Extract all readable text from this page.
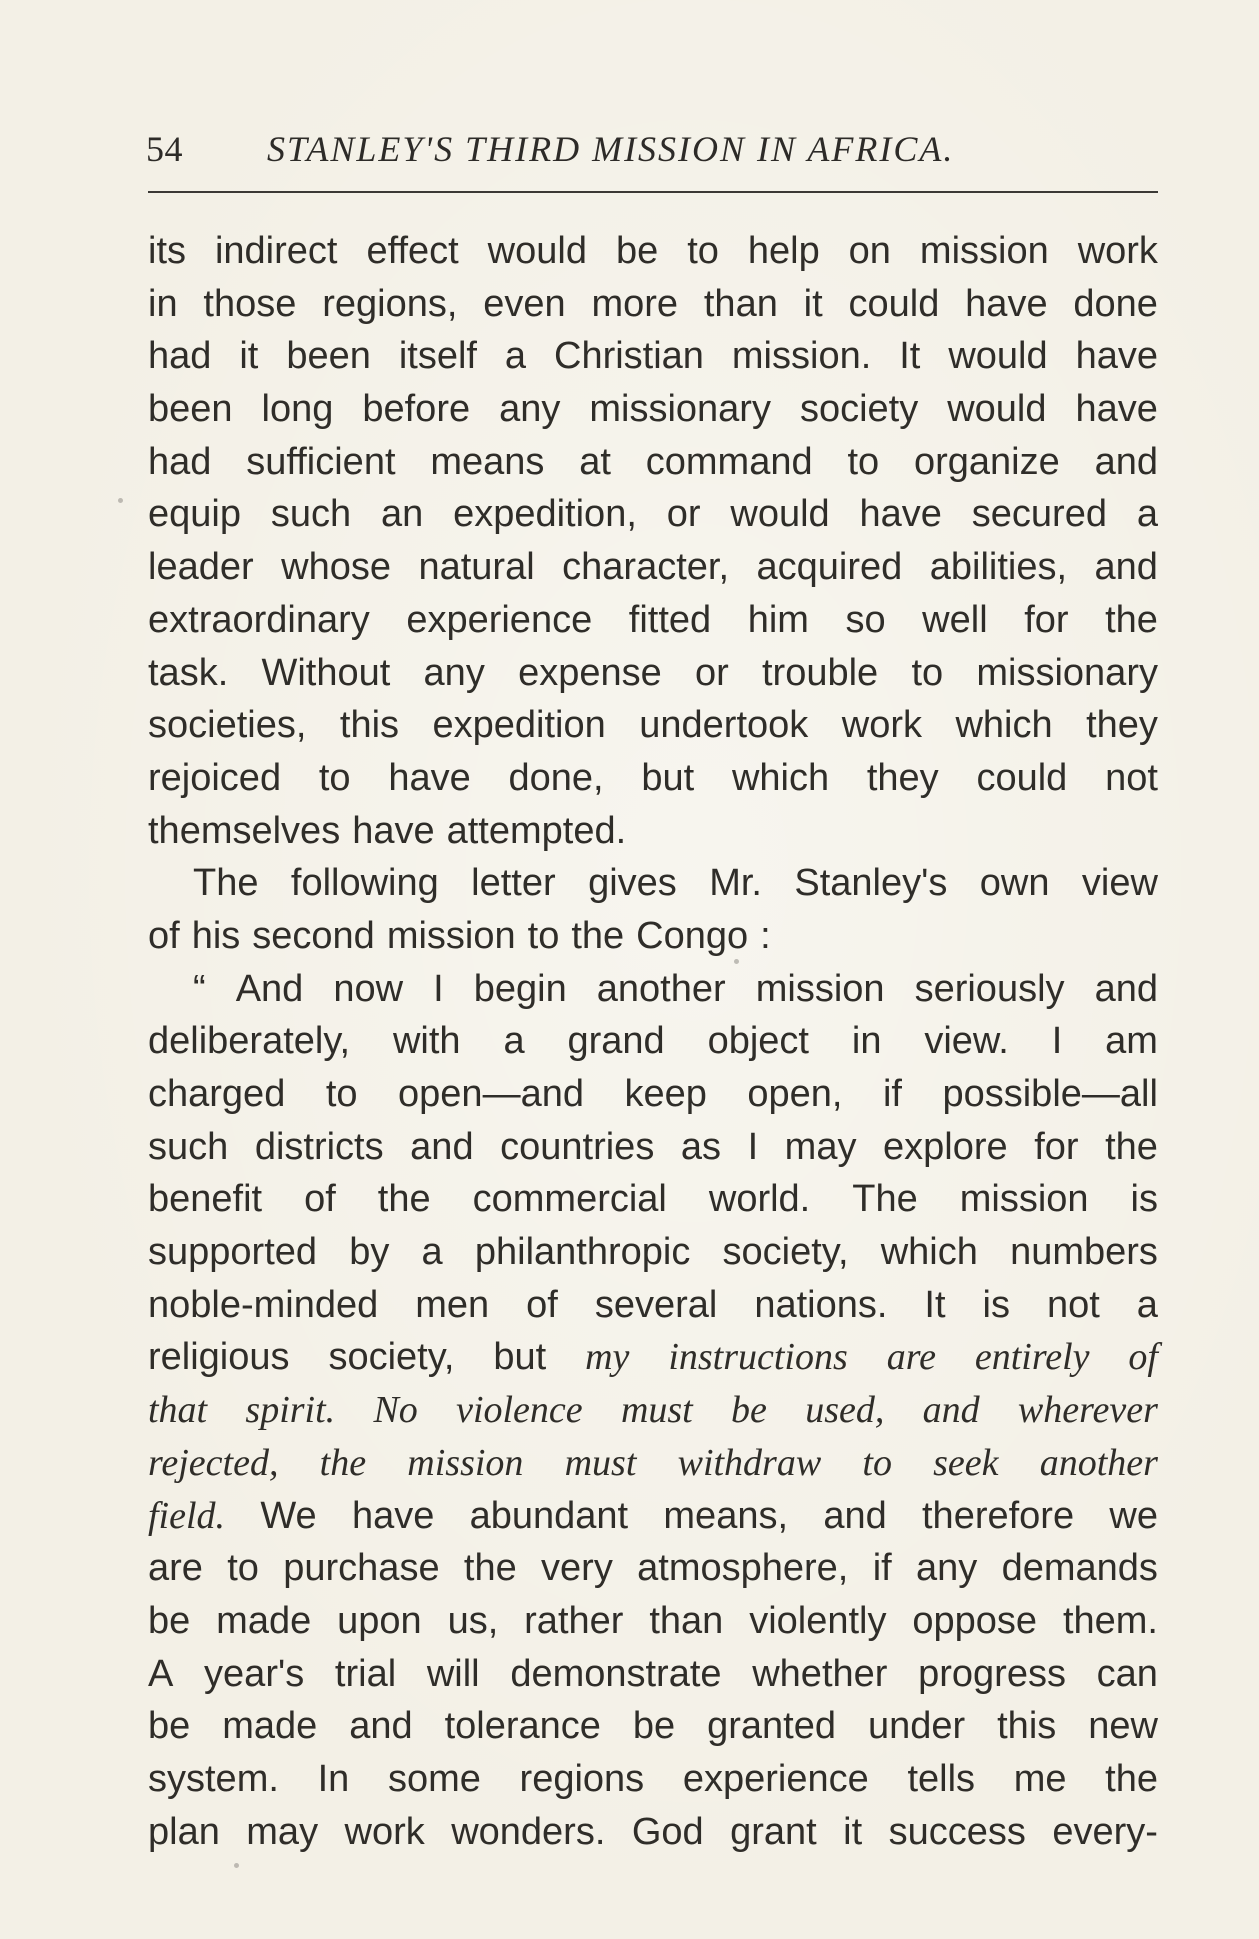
54 STANLEY'S THIRD MISSION IN AFRICA.
its indirect effect would be to help on mission work
in those regions, even more than it could have done
had it been itself a Christian mission. It would have
been long before any missionary society would have
had sufficient means at command to organize and
equip such an expedition, or would have secured a
leader whose natural character, acquired abilities, and
extraordinary experience fitted him so well for the
task. Without any expense or trouble to missionary
societies, this expedition undertook work which they
rejoiced to have done, but which they could not
themselves have attempted.
The following letter gives Mr. Stanley's own view
of his second mission to the Congo :
“ And now I begin another mission seriously and
deliberately, with a grand object in view. I am
charged to open—and keep open, if possible—all
such districts and countries as I may explore for the
benefit of the commercial world. The mission is
supported by a philanthropic society, which numbers
noble-minded men of several nations. It is not a
religious society, but my instructions are entirely of
that spirit. No violence must be used, and wherever
rejected, the mission must withdraw to seek another
field. We have abundant means, and therefore we
are to purchase the very atmosphere, if any demands
be made upon us, rather than violently oppose them.
A year's trial will demonstrate whether progress can
be made and tolerance be granted under this new
system. In some regions experience tells me the
plan may work wonders. God grant it success every-
